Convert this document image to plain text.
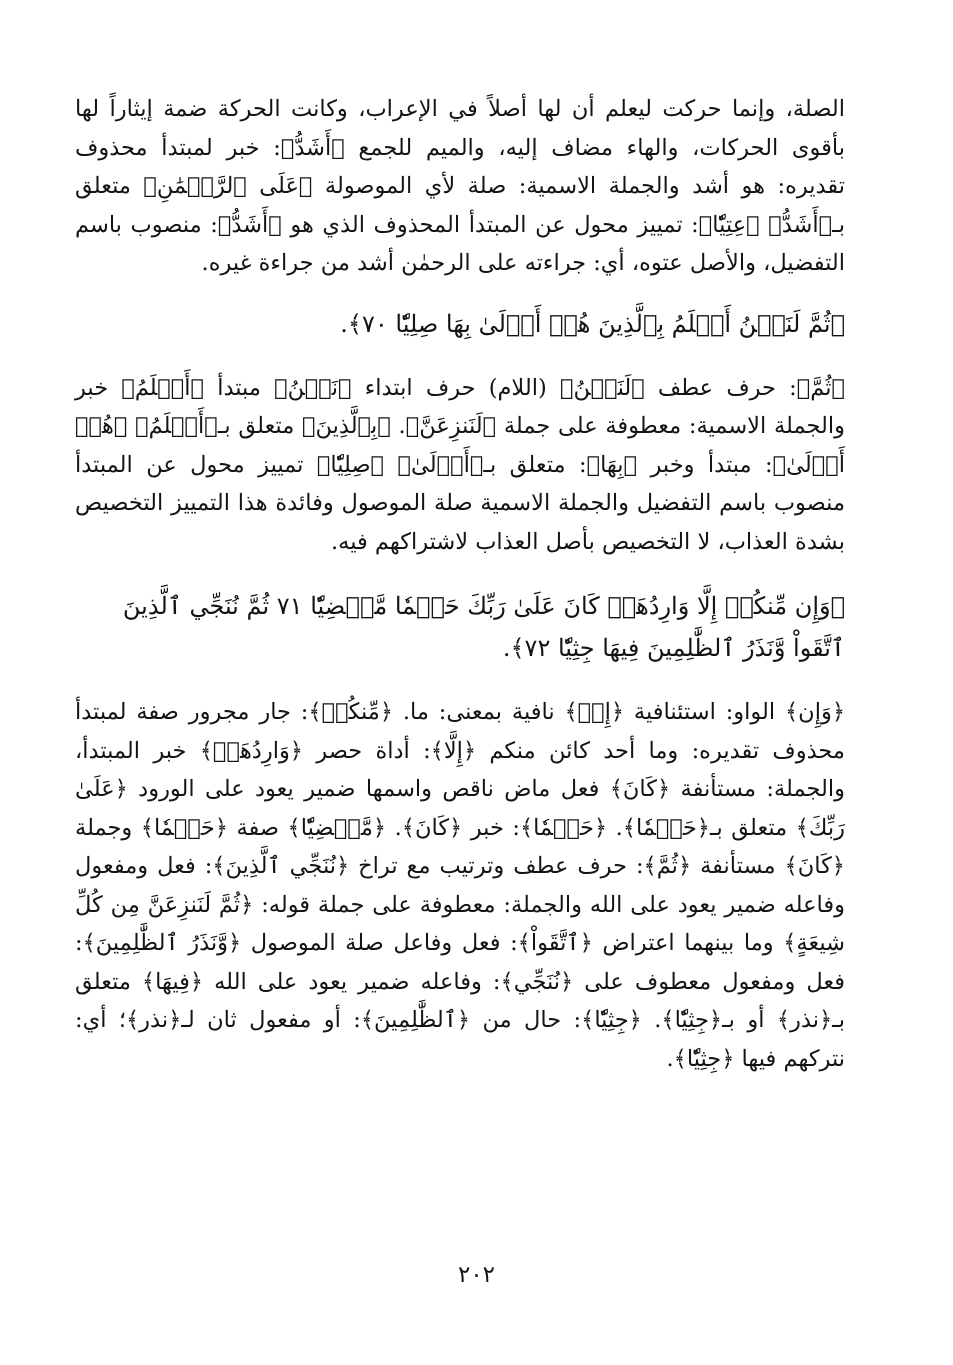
الصلة، وإنما حركت ليعلم أن لها أصلاً في الإعراب، وكانت الحركة ضمة إيثاراً لها بأقوى الحركات، والهاء مضاف إليه، والميم للجمع ﴿أَشَدُّ﴾: خبر لمبتدأ محذوف تقديره: هو أشد والجملة الاسمية: صلة لأي الموصولة ﴿عَلَى ٱلرَّحۡمَٰنِ﴾ متعلق بـ﴿أَشَدُّ﴾ ﴿عِتِيّٗا﴾: تمييز محول عن المبتدأ المحذوف الذي هو ﴿أَشَدُّ﴾: منصوب باسم التفضيل، والأصل عتوه، أي: جراءته على الرحمٰن أشد من جراءة غيره.

﴿ثُمَّ لَنَحۡنُ أَعۡلَمُ بِٱلَّذِينَ هُمۡ أَوۡلَىٰ بِهَا صِلِيّٗا ٧٠﴾.

﴿ثُمَّ﴾: حرف عطف ﴿لَنَحۡنُ﴾ (اللام) حرف ابتداء ﴿نَحۡنُ﴾ مبتدأ ﴿أَعۡلَمُ﴾ خبر والجملة الاسمية: معطوفة على جملة ﴿لَنَنزِعَنَّ﴾. ﴿بِٱلَّذِينَ﴾ متعلق بـ﴿أَعۡلَمُ﴾ ﴿هُمۡ أَوۡلَىٰ﴾: مبتدأ وخبر ﴿بِهَا﴾: متعلق بـ﴿أَوۡلَىٰ﴾ ﴿صِلِيّٗا﴾ تمييز محول عن المبتدأ منصوب باسم التفضيل والجملة الاسمية صلة الموصول وفائدة هذا التمييز التخصيص بشدة العذاب، لا التخصيص بأصل العذاب لاشتراكهم فيه.

﴿وَإِن مِّنكُمۡ إِلَّا وَارِدُهَاۚ كَانَ عَلَىٰ رَبِّكَ حَتۡمٗا مَّقۡضِيّٗا ٧١ ثُمَّ نُنَجِّي ٱلَّذِينَ ٱتَّقَواْ وَّنَذَرُ ٱلظَّٰلِمِينَ فِيهَا جِثِيّٗا ٧٢﴾.

﴿وَإِن﴾ الواو: استئنافية ﴿إِنۡ﴾ نافية بمعنى: ما. ﴿مِّنكُمۡ﴾: جار مجرور صفة لمبتدأ محذوف تقديره: وما أحد كائن منكم ﴿إِلَّا﴾: أداة حصر ﴿وَارِدُهَاۚ﴾ خبر المبتدأ، والجملة: مستأنفة ﴿كَانَ﴾ فعل ماض ناقص واسمها ضمير يعود على الورود ﴿عَلَىٰ رَبِّكَ﴾ متعلق بـ﴿حَتۡمٗا﴾. ﴿حَتۡمٗا﴾: خبر ﴿كَانَ﴾. ﴿مَّقۡضِيّٗا﴾ صفة ﴿حَتۡمٗا﴾ وجملة ﴿كَانَ﴾ مستأنفة ﴿ثُمَّ﴾: حرف عطف وترتيب مع تراخ ﴿نُنَجِّي ٱلَّذِينَ﴾: فعل ومفعول وفاعله ضمير يعود على الله والجملة: معطوفة على جملة قوله: ﴿ثُمَّ لَنَنزِعَنَّ مِن كُلِّ شِيعَةٍ﴾ وما بينهما اعتراض ﴿ٱتَّقَواْ﴾: فعل وفاعل صلة الموصول ﴿وَّنَذَرُ ٱلظَّٰلِمِينَ﴾: فعل ومفعول معطوف على ﴿نُنَجِّي﴾: وفاعله ضمير يعود على الله ﴿فِيهَا﴾ متعلق بـ﴿نذر﴾ أو بـ﴿جِثِيّٗا﴾. ﴿جِثِيّٗا﴾: حال من ﴿ٱلظَّٰلِمِينَ﴾: أو مفعول ثان لـ﴿نذر﴾؛ أي: نتركهم فيها ﴿جِثِيّٗا﴾.

٢٠٢
